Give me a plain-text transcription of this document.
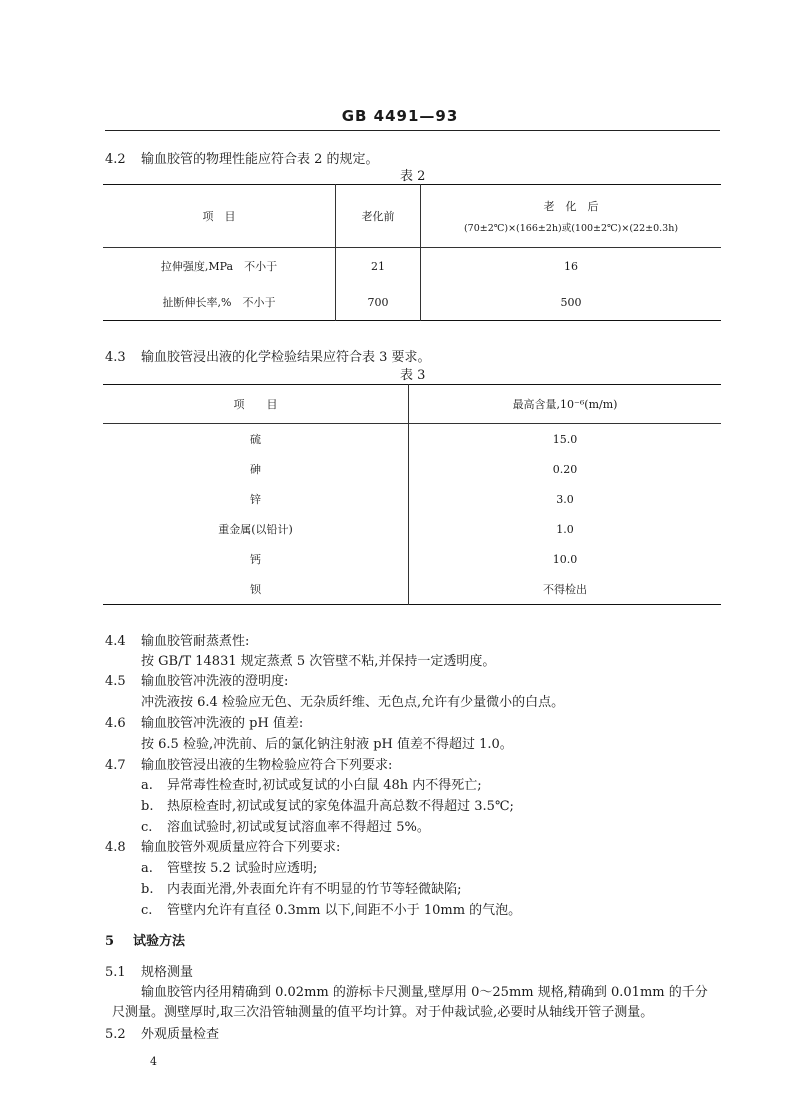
GB 4491—93
4.2 输血胶管的物理性能应符合表 2 的规定。
表 2
项　目	老化前	老　化　后
(70±2℃)×(166±2h)或(100±2℃)×(22±0.3h)

拉伸强度,MPa　不小于	21	16
扯断伸长率,%　不小于	700	500
4.3 输血胶管浸出液的化学检验结果应符合表 3 要求。
表 3
项　　目	最高含量,10⁻⁶(m/m)
硫	15.0
砷	0.20
锌	3.0
重金属(以铅计)	1.0
钙	10.0
钡	不得检出
4.4 输血胶管耐蒸煮性:
按 GB/T 14831 规定蒸煮 5 次管壁不粘,并保持一定透明度。
4.5 输血胶管冲洗液的澄明度:
冲洗液按 6.4 检验应无色、无杂质纤维、无色点,允许有少量微小的白点。
4.6 输血胶管冲洗液的 pH 值差:
按 6.5 检验,冲洗前、后的氯化钠注射液 pH 值差不得超过 1.0。
4.7 输血胶管浸出液的生物检验应符合下列要求:
a. 异常毒性检查时,初试或复试的小白鼠 48h 内不得死亡;
b. 热原检查时,初试或复试的家兔体温升高总数不得超过 3.5℃;
c. 溶血试验时,初试或复试溶血率不得超过 5%。
4.8 输血胶管外观质量应符合下列要求:
a. 管壁按 5.2 试验时应透明;
b. 内表面光滑,外表面允许有不明显的竹节等轻微缺陷;
c. 管壁内允许有直径 0.3mm 以下,间距不小于 10mm 的气泡。
5 试验方法
5.1 规格测量
输血胶管内径用精确到 0.02mm 的游标卡尺测量,壁厚用 0～25mm 规格,精确到 0.01mm 的千分
尺测量。测壁厚时,取三次沿管轴测量的值平均计算。对于仲裁试验,必要时从轴线开管子测量。
5.2 外观质量检查
4
